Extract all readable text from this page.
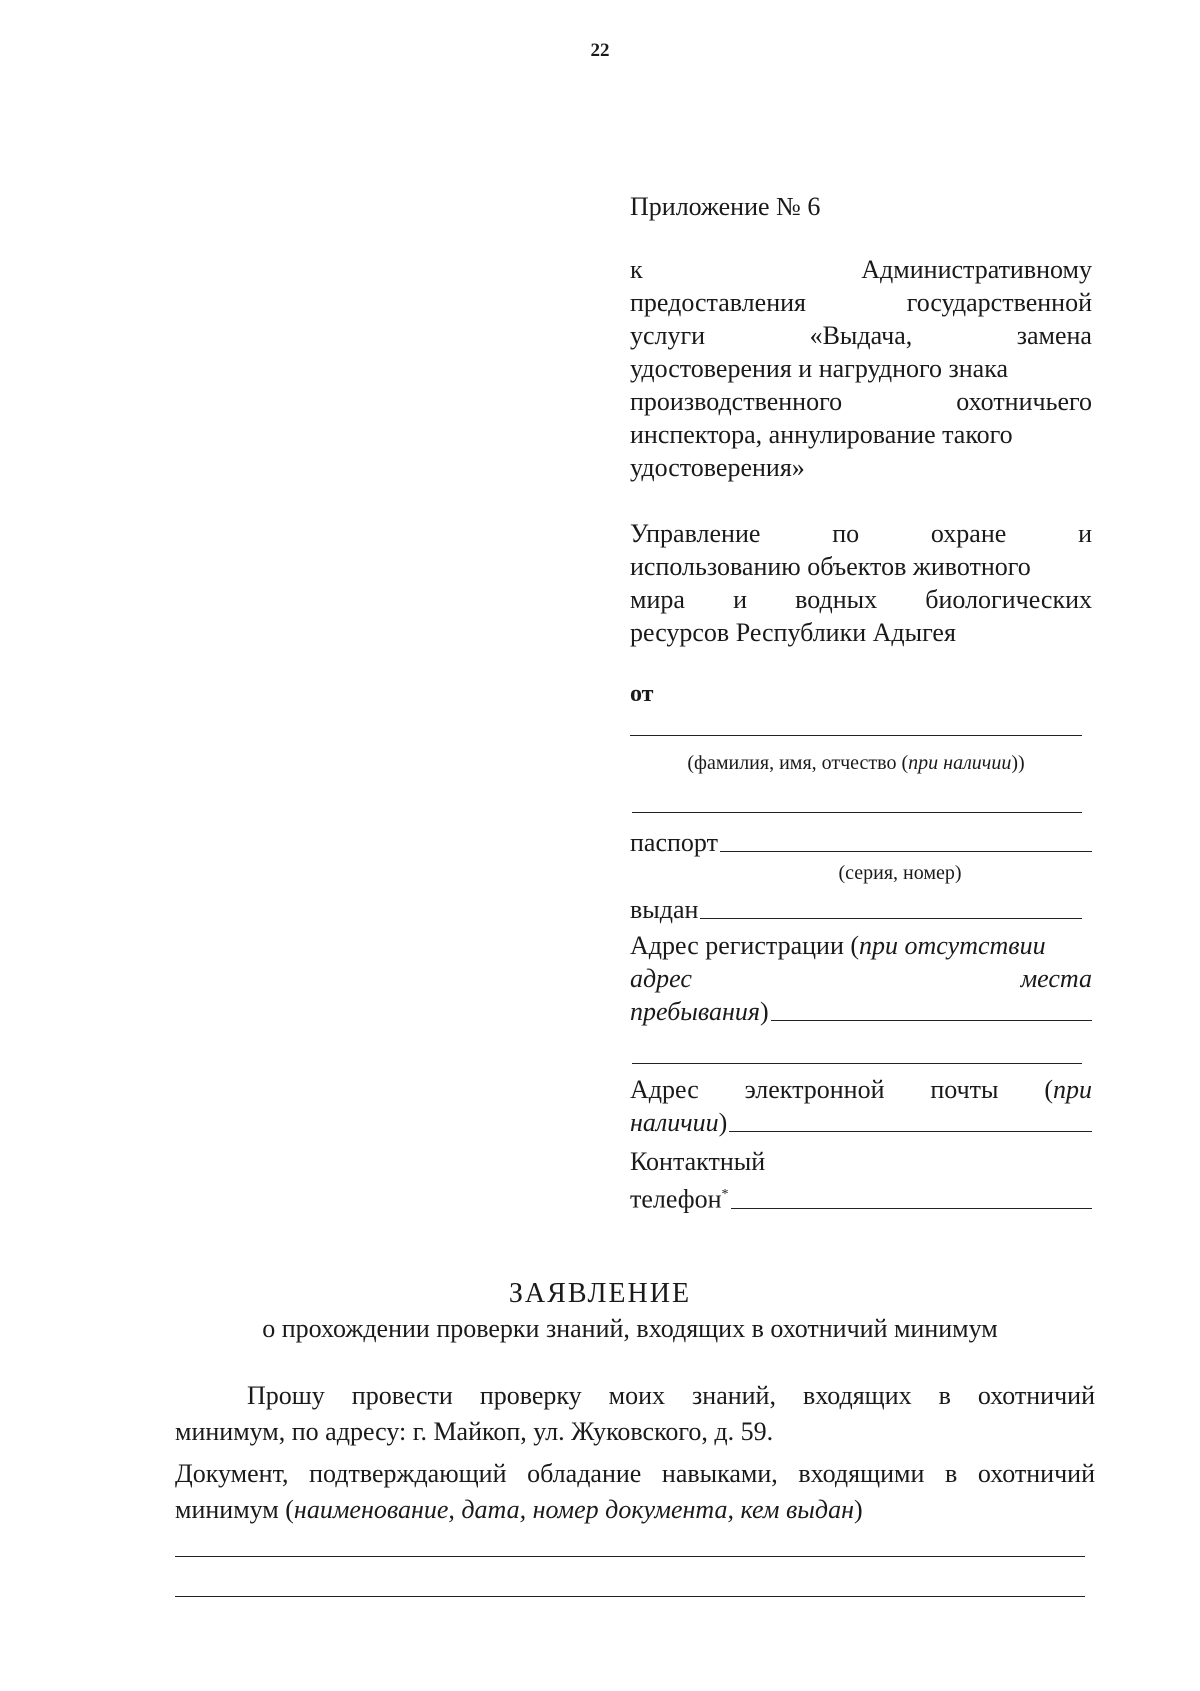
22
Приложение № 6
к	Административному
предоставления	государственной
услуги	«Выдача,	замена
удостоверения и нагрудного знака
производственного	охотничьего
инспектора, аннулирование такого
удостоверения»
Управление	по	охране	и
использованию объектов животного
мира и водных биологических
ресурсов Республики Адыгея
от
(фамилия, имя, отчество (при наличии))
паспорт
(серия, номер)
выдан
Адрес регистрации (при отсутствии
адрес	места
пребывания )
Адрес электронной почты (при
наличии )
Контактный
телефон*
ЗАЯВЛЕНИЕ
о прохождении проверки знаний, входящих в охотничий минимум
Прошу провести проверку моих знаний, входящих в охотничий
минимум, по адресу: г. Майкоп, ул. Жуковского, д. 59.
Документ, подтверждающий обладание навыками, входящими в охотничий
минимум (наименование, дата, номер документа, кем выдан)
